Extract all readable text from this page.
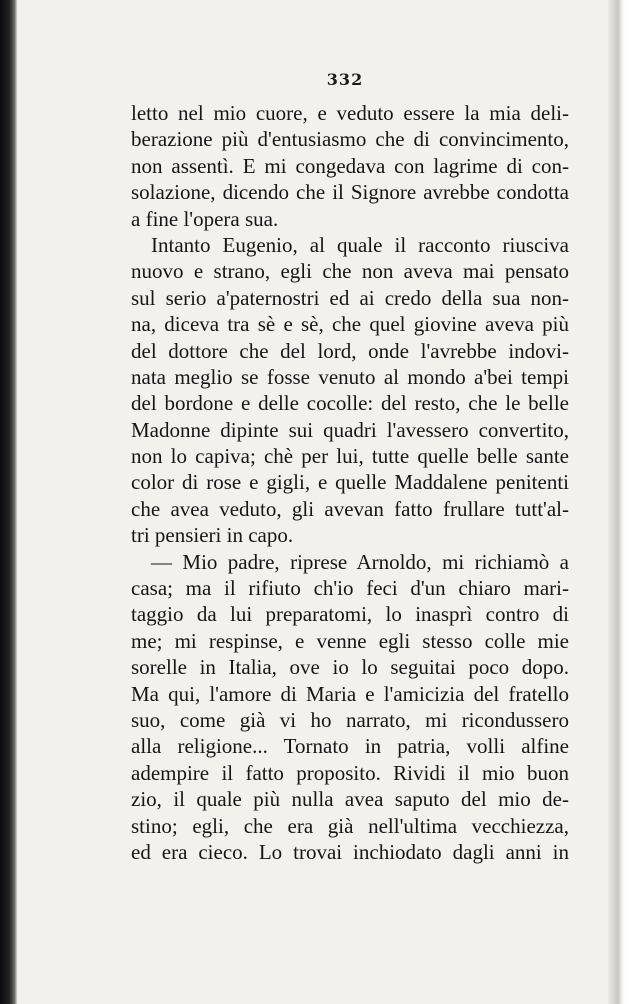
332
letto nel mio cuore, e veduto essere la mia deli-
berazione più d'entusiasmo che di convincimento,
non assentì. E mi congedava con lagrime di con-
solazione, dicendo che il Signore avrebbe condotta
a fine l'opera sua.
Intanto Eugenio, al quale il racconto riusciva
nuovo e strano, egli che non aveva mai pensato
sul serio a'paternostri ed ai credo della sua non-
na, diceva tra sè e sè, che quel giovine aveva più
del dottore che del lord, onde l'avrebbe indovi-
nata meglio se fosse venuto al mondo a'bei tempi
del bordone e delle cocolle: del resto, che le belle
Madonne dipinte sui quadri l'avessero convertito,
non lo capiva; chè per lui, tutte quelle belle sante
color di rose e gigli, e quelle Maddalene penitenti
che avea veduto, gli avevan fatto frullare tutt'al-
tri pensieri in capo.
— Mio padre, riprese Arnoldo, mi richiamò a
casa; ma il rifiuto ch'io feci d'un chiaro mari-
taggio da lui preparatomi, lo inasprì contro di
me; mi respinse, e venne egli stesso colle mie
sorelle in Italia, ove io lo seguitai poco dopo.
Ma qui, l'amore di Maria e l'amicizia del fratello
suo, come già vi ho narrato, mi ricondussero
alla religione... Tornato in patria, volli alfine
adempire il fatto proposito. Rividi il mio buon
zio, il quale più nulla avea saputo del mio de-
stino; egli, che era già nell'ultima vecchiezza,
ed era cieco. Lo trovai inchiodato dagli anni in
